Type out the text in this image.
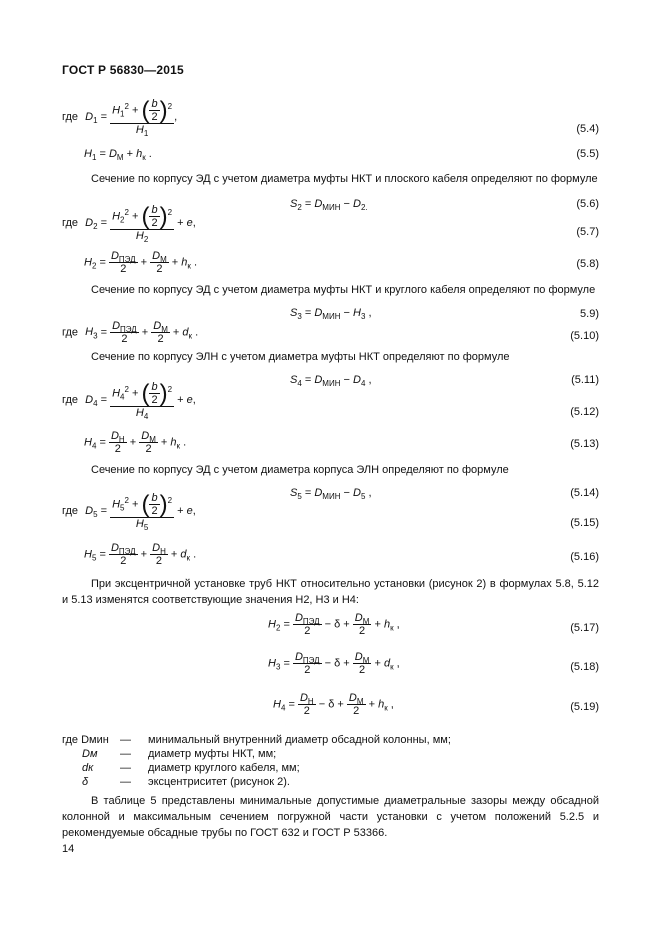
ГОСТ Р 56830—2015
где $D_1 = \frac{H_1^2 + ( \frac{b}{2} )^2}{H_1}$ ,
(5.4)
$H_1 = D_M + h_к$ .	(5.5)
Сечение по корпусу ЭД с учетом диаметра муфты НКТ и плоского кабеля определяют по формуле
$S_2 = D_{МИН} - D_{2.}$	(5.6)
где $D_2 = \frac{H_2^2 + ( \frac{b}{2} )^2}{H_2} + e$,
(5.7)
$H_2 = \frac{D_{ПЭД}}{2} + \frac{D_М}{2} + h_к$ .	(5.8)
Сечение по корпусу ЭД с учетом диаметра муфты НКТ и круглого кабеля определяют по формуле
$S_3 = D_{МИН} - H_3$ ,	5.9)
где $H_3 = \frac{D_{ПЭД}}{2} + \frac{D_М}{2} + d_к$ .	(5.10)
Сечение по корпусу ЭЛН с учетом диаметра муфты НКТ определяют по формуле
$S_4 = D_{МИН} - D_4$ ,	(5.11)
где $D_4 = \frac{H_4^2 + ( \frac{b}{2} )^2}{H_4} + e$,
(5.12)
$H_4 = \frac{D_H}{2} + \frac{D_M}{2} + h_к$ .	(5.13)
Сечение по корпусу ЭД с учетом диаметра корпуса ЭЛН определяют по формуле
$S_5 = D_{МИН} - D_5$ ,	(5.14)
где $D_5 = \frac{H_5^2 + ( \frac{b}{2} )^2}{H_5} + e$,
(5.15)
$H_5 = \frac{D_{ПЭД}}{2} + \frac{D_H}{2} + d_к$ .	(5.16)
При эксцентричной установке труб НКТ относительно установки (рисунок 2) в формулах 5.8, 5.12 и 5.13 изменятся соответствующие значения H2, H3 и H4:
$H_2 = \frac{D_{ПЭД}}{2} - \delta + \frac{D_M}{2} + h_к$ ,	(5.17)
$H_3 = \frac{D_{ПЭД}}{2} - \delta + \frac{D_M}{2} + d_к$ ,	(5.18)
$H_4 = \frac{D_H}{2} - \delta + \frac{D_M}{2} + h_к$ ,	(5.19)
где Dмин	—	минимальный внутренний диаметр обсадной колонны, мм;
Dм	—	диаметр муфты НКТ, мм;
dк	—	диаметр круглого кабеля, мм;
δ	—	эксцентриситет (рисунок 2).
В таблице 5 представлены минимальные допустимые диаметральные зазоры между обсадной колонной и максимальным сечением погружной части установки с учетом положений 5.2.5 и рекомендуемые обсадные трубы по ГОСТ 632 и ГОСТ Р 53366.
14
